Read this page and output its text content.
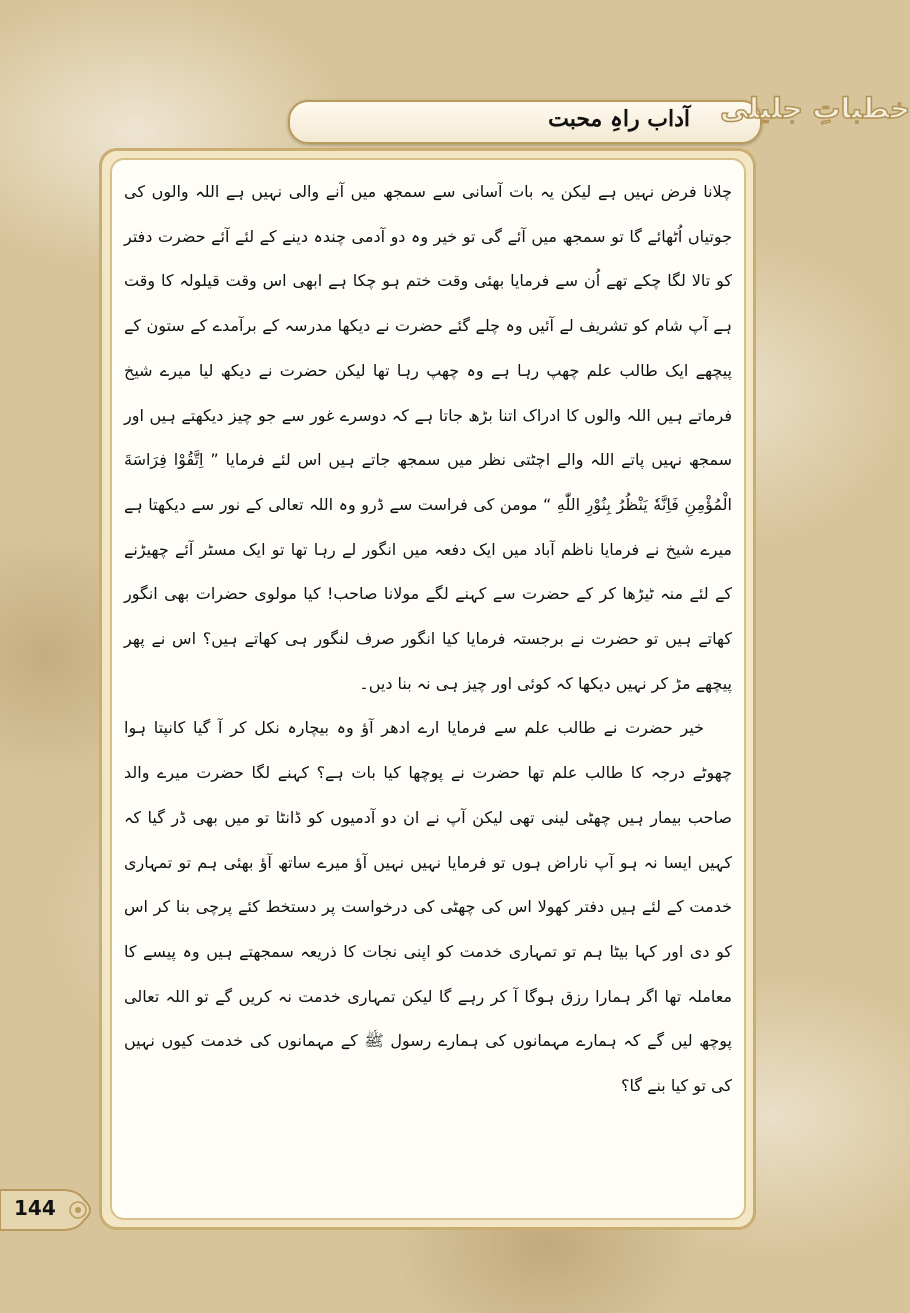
آداب راہِ محبت خطباتِ جلیلی

چلانا فرض نہیں ہے لیکن یہ بات آسانی سے سمجھ میں آنے والی نہیں ہے اللہ والوں کی جوتیاں اُٹھائے گا تو سمجھ میں آئے گی تو خیر وہ دو آدمی چندہ دینے کے لئے آئے حضرت دفتر کو تالا لگا چکے تھے اُن سے فرمایا بھئی وقت ختم ہو چکا ہے ابھی اس وقت قیلولہ کا وقت ہے آپ شام کو تشریف لے آئیں وہ چلے گئے حضرت نے دیکھا مدرسہ کے برآمدے کے ستون کے پیچھے ایک طالب علم چھپ رہا ہے وہ چھپ رہا تھا لیکن حضرت نے دیکھ لیا میرے شیخ فرماتے ہیں اللہ والوں کا ادراک اتنا بڑھ جاتا ہے کہ دوسرے غور سے جو چیز دیکھتے ہیں اور سمجھ نہیں پاتے اللہ والے اچٹتی نظر میں سمجھ جاتے ہیں اس لئے فرمایا ” اِتَّقُوْا فِرَاسَةَ الْمُؤْمِنِ فَاِنَّهٗ يَنْظُرُ بِنُوْرِ اللّٰهِ “ مومن کی فراست سے ڈرو وہ اللہ تعالی کے نور سے دیکھتا ہے میرے شیخ نے فرمایا ناظم آباد میں ایک دفعہ میں انگور لے رہا تھا تو ایک مسٹر آئے چھیڑنے کے لئے منہ ٹیڑھا کر کے حضرت سے کہنے لگے مولانا صاحب! کیا مولوی حضرات بھی انگور کھاتے ہیں تو حضرت نے برجستہ فرمایا کیا انگور صرف لنگور ہی کھاتے ہیں؟ اس نے پھر پیچھے مڑ کر نہیں دیکھا کہ کوئی اور چیز ہی نہ بنا دیں۔

خیر حضرت نے طالب علم سے فرمایا ارے ادھر آؤ وہ بیچارہ نکل کر آ گیا کانپتا ہوا چھوٹے درجہ کا طالب علم تھا حضرت نے پوچھا کیا بات ہے؟ کہنے لگا حضرت میرے والد صاحب بیمار ہیں چھٹی لینی تھی لیکن آپ نے ان دو آدمیوں کو ڈانٹا تو میں بھی ڈر گیا کہ کہیں ایسا نہ ہو آپ ناراض ہوں تو فرمایا نہیں نہیں آؤ میرے ساتھ آؤ بھئی ہم تو تمہاری خدمت کے لئے ہیں دفتر کھولا اس کی چھٹی کی درخواست پر دستخط کئے پرچی بنا کر اس کو دی اور کہا بیٹا ہم تو تمہاری خدمت کو اپنی نجات کا ذریعہ سمجھتے ہیں وہ پیسے کا معاملہ تھا اگر ہمارا رزق ہوگا آ کر رہے گا لیکن تمہاری خدمت نہ کریں گے تو اللہ تعالی پوچھ لیں گے کہ ہمارے مہمانوں کی ہمارے رسول ﷺ کے مہمانوں کی خدمت کیوں نہیں کی تو کیا بنے گا؟

144
